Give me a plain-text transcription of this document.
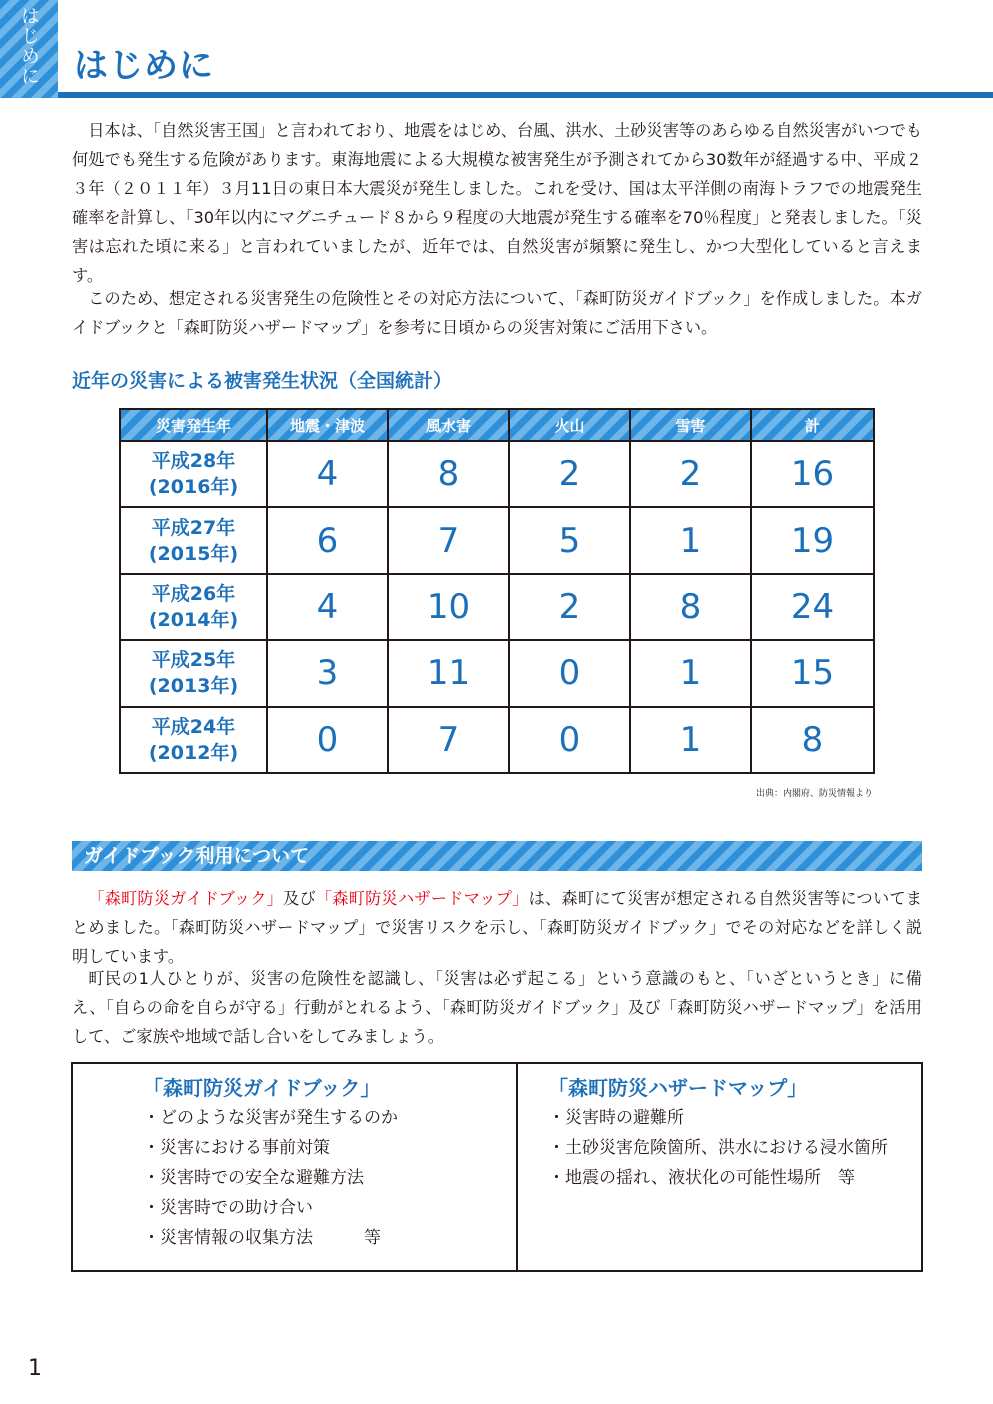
はじめに	はじめに

日本は、「自然災害王国」と言われており、地震をはじめ、台風、洪水、土砂災害等のあらゆる自然災害がいつでも何処でも発生する危険があります。東海地震による大規模な被害発生が予測されてから30数年が経過する中、平成２３年（２０１１年）３月11日の東日本大震災が発生しました。これを受け、国は太平洋側の南海トラフでの地震発生確率を計算し、「30年以内にマグニチュード８から９程度の大地震が発生する確率を70％程度」と発表しました。「災害は忘れた頃に来る」と言われていましたが、近年では、自然災害が頻繁に発生し、かつ大型化していると言えます。

このため、想定される災害発生の危険性とその対応方法について、「森町防災ガイドブック」を作成しました。本ガイドブックと「森町防災ハザードマップ」を参考に日頃からの災害対策にご活用下さい。

近年の災害による被害発生状況（全国統計）
災害発生年	地震・津波	風水害	火山	雪害	計
平成28年
(2016年)	4	8	2	2	16
平成27年
(2015年)	6	7	5	1	19
平成26年
(2014年)	4	10	2	8	24
平成25年
(2013年)	3	11	0	1	15
平成24年
(2012年)	0	7	0	1	8
出典：内閣府、防災情報より
ガイドブック利用について

「森町防災ガイドブック」及び「森町防災ハザードマップ」は、森町にて災害が想定される自然災害等についてまとめました。「森町防災ハザードマップ」で災害リスクを示し、「森町防災ガイドブック」でその対応などを詳しく説明しています。

町民の1人ひとりが、災害の危険性を認識し、「災害は必ず起こる」という意識のもと、「いざというとき」に備え、「自らの命を自らが守る」行動がとれるよう、「森町防災ガイドブック」及び「森町防災ハザードマップ」を活用して、ご家族や地域で話し合いをしてみましょう。

「森町防災ガイドブック」
・どのような災害が発生するのか
・災害における事前対策
・災害時での安全な避難方法
・災害時での助け合い
・災害情報の収集方法　　　等
「森町防災ハザードマップ」
・災害時の避難所
・土砂災害危険箇所、洪水における浸水箇所
・地震の揺れ、液状化の可能性場所　等
1
